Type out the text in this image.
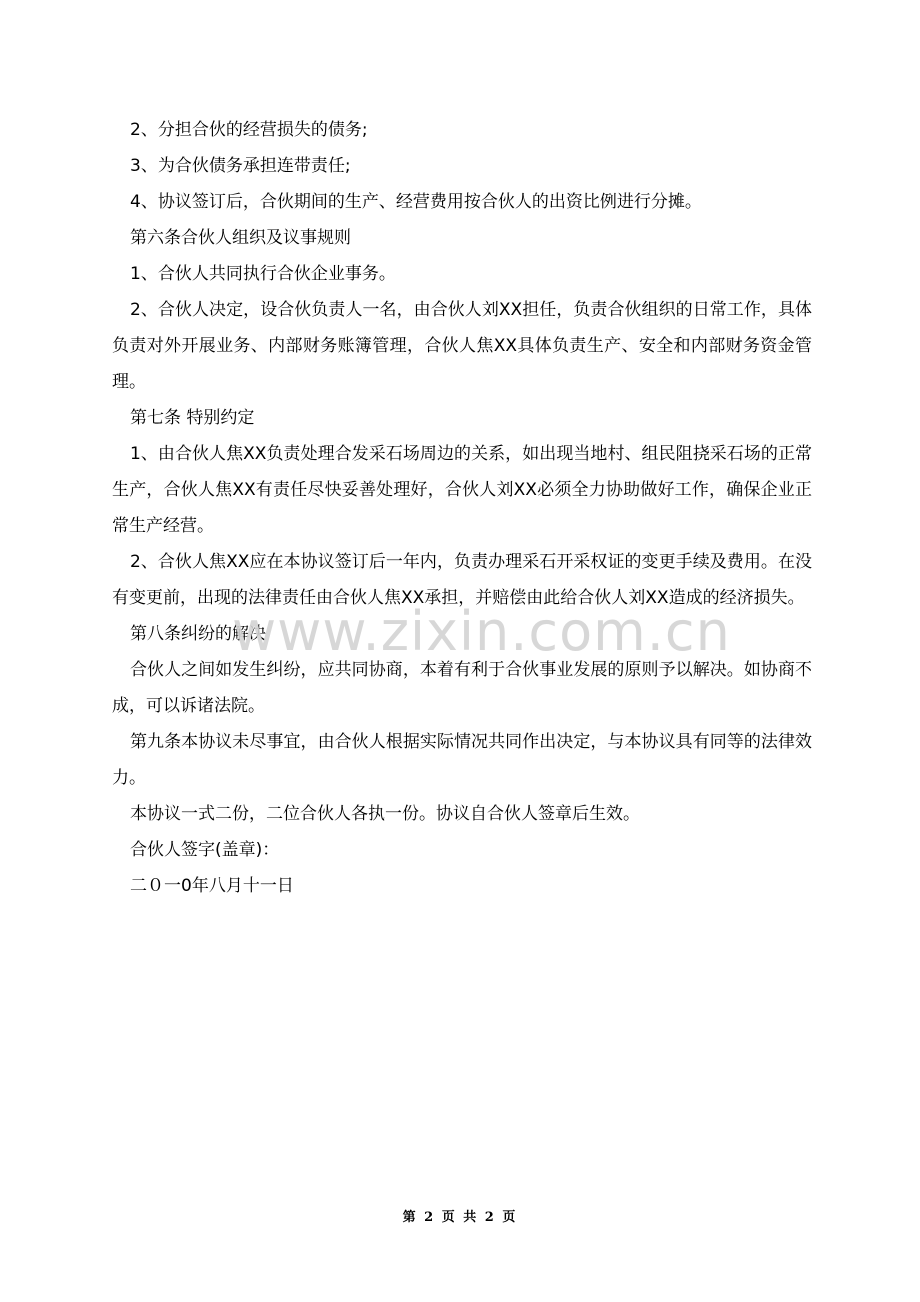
2、分担合伙的经营损失的债务;

3、为合伙债务承担连带责任;

4、协议签订后，合伙期间的生产、经营费用按合伙人的出资比例进行分摊。

第六条合伙人组织及议事规则

1、合伙人共同执行合伙企业事务。

2、合伙人决定，设合伙负责人一名，由合伙人刘XX担任，负责合伙组织的日常工作，具体负责对外开展业务、内部财务账簿管理，合伙人焦XX具体负责生产、安全和内部财务资金管理。

第七条 特别约定

1、由合伙人焦XX负责处理合发采石场周边的关系，如出现当地村、组民阻挠采石场的正常生产，合伙人焦XX有责任尽快妥善处理好，合伙人刘XX必须全力协助做好工作，确保企业正常生产经营。

2、合伙人焦XX应在本协议签订后一年内，负责办理采石开采权证的变更手续及费用。在没有变更前，出现的法律责任由合伙人焦XX承担，并赔偿由此给合伙人刘XX造成的经济损失。

第八条纠纷的解决

合伙人之间如发生纠纷，应共同协商，本着有利于合伙事业发展的原则予以解决。如协商不成，可以诉诸法院。

第九条本协议未尽事宜，由合伙人根据实际情况共同作出决定，与本协议具有同等的法律效力。

本协议一式二份，二位合伙人各执一份。协议自合伙人签章后生效。

合伙人签字(盖章)：

二０一0年八月十一日

www.zixin.com.cn
第 2 页 共 2 页
